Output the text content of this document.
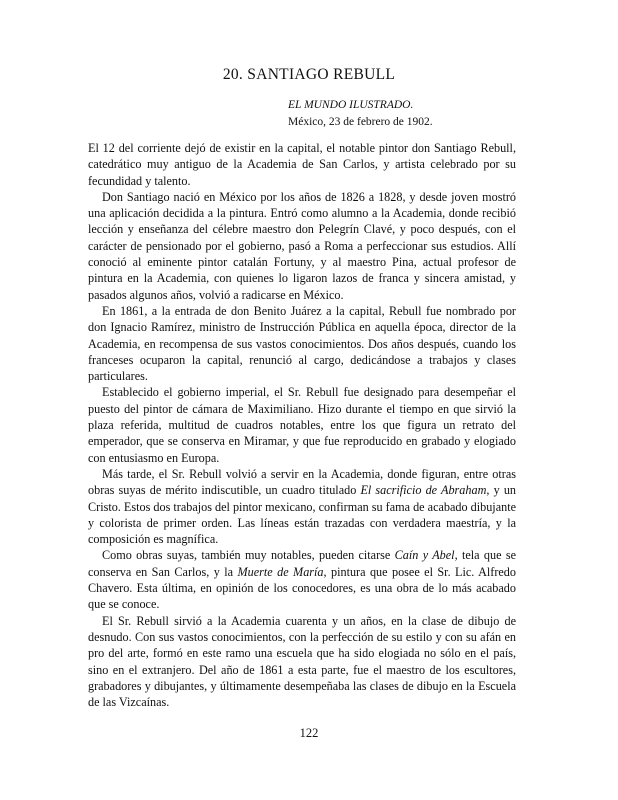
20. SANTIAGO REBULL
EL MUNDO ILUSTRADO.
México, 23 de febrero de 1902.

El 12 del corriente dejó de existir en la capital, el notable pintor don Santiago Rebull, catedrático muy antiguo de la Academia de San Carlos, y artista celebrado por su fecundidad y talento.

Don Santiago nació en México por los años de 1826 a 1828, y desde joven mostró una aplicación decidida a la pintura. Entró como alumno a la Academia, donde recibió lección y enseñanza del célebre maestro don Pelegrín Clavé, y poco después, con el carácter de pensionado por el gobierno, pasó a Roma a perfeccionar sus estudios. Allí conoció al eminente pintor catalán Fortuny, y al maestro Pina, actual profesor de pintura en la Academia, con quienes lo ligaron lazos de franca y sincera amistad, y pasados algunos años, volvió a radicarse en México.

En 1861, a la entrada de don Benito Juárez a la capital, Rebull fue nombrado por don Ignacio Ramírez, ministro de Instrucción Pública en aquella época, director de la Academia, en recompensa de sus vastos conocimientos. Dos años después, cuando los franceses ocuparon la capital, renunció al cargo, dedicándose a trabajos y clases particulares.

Establecido el gobierno imperial, el Sr. Rebull fue designado para desempeñar el puesto del pintor de cámara de Maximiliano. Hizo durante el tiempo en que sirvió la plaza referida, multitud de cuadros notables, entre los que figura un retrato del emperador, que se conserva en Miramar, y que fue reproducido en grabado y elogiado con entusiasmo en Europa.

Más tarde, el Sr. Rebull volvió a servir en la Academia, donde figuran, entre otras obras suyas de mérito indiscutible, un cuadro titulado El sacrificio de Abraham, y un Cristo. Estos dos trabajos del pintor mexicano, confirman su fama de acabado dibujante y colorista de primer orden. Las líneas están trazadas con verdadera maestría, y la composición es magnífica.

Como obras suyas, también muy notables, pueden citarse Caín y Abel, tela que se conserva en San Carlos, y la Muerte de María, pintura que posee el Sr. Lic. Alfredo Chavero. Esta última, en opinión de los conocedores, es una obra de lo más acabado que se conoce.

El Sr. Rebull sirvió a la Academia cuarenta y un años, en la clase de dibujo de desnudo. Con sus vastos conocimientos, con la perfección de su estilo y con su afán en pro del arte, formó en este ramo una escuela que ha sido elogiada no sólo en el país, sino en el extranjero. Del año de 1861 a esta parte, fue el maestro de los escultores, grabadores y dibujantes, y últimamente desempeñaba las clases de dibujo en la Escuela de las Vizcaínas.

122
